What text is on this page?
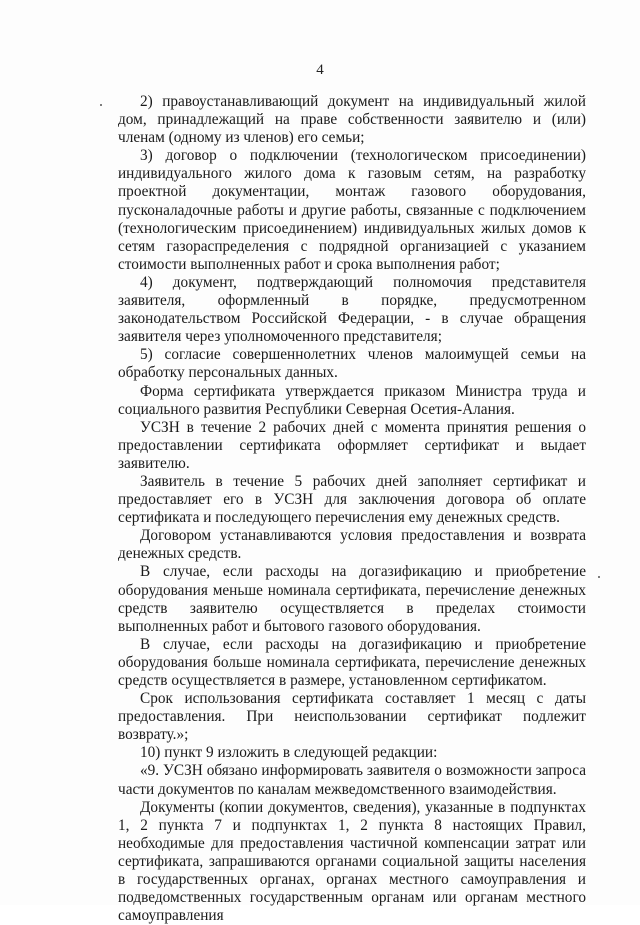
4

2) правоустанавливающий документ на индивидуальный жилой дом, принадлежащий на праве собственности заявителю и (или) членам (одному из членов) его семьи;

3) договор о подключении (технологическом присоединении) индивидуального жилого дома к газовым сетям, на разработку проектной документации, монтаж газового оборудования, пусконаладочные работы и другие работы, связанные с подключением (технологическим присоединением) индивидуальных жилых домов к сетям газораспределения с подрядной организацией с указанием стоимости выполненных работ и срока выполнения работ;

4) документ, подтверждающий полномочия представителя заявителя, оформленный в порядке, предусмотренном законодательством Российской Федерации, - в случае обращения заявителя через уполномоченного представителя;

5) согласие совершеннолетних членов малоимущей семьи на обработку персональных данных.

Форма сертификата утверждается приказом Министра труда и социального развития Республики Северная Осетия-Алания.

УСЗН в течение 2 рабочих дней с момента принятия решения о предоставлении сертификата оформляет сертификат и выдает заявителю.

Заявитель в течение 5 рабочих дней заполняет сертификат и предоставляет его в УСЗН для заключения договора об оплате сертификата и последующего перечисления ему денежных средств.

Договором устанавливаются условия предоставления и возврата денежных средств.

В случае, если расходы на догазификацию и приобретение оборудования меньше номинала сертификата, перечисление денежных средств заявителю осуществляется в пределах стоимости выполненных работ и бытового газового оборудования.

В случае, если расходы на догазификацию и приобретение оборудования больше номинала сертификата, перечисление денежных средств осуществляется в размере, установленном сертификатом.

Срок использования сертификата составляет 1 месяц с даты предоставления. При неиспользовании сертификат подлежит возврату.»;

10) пункт 9 изложить в следующей редакции:

«9. УСЗН обязано информировать заявителя о возможности запроса части документов по каналам межведомственного взаимодействия.

Документы (копии документов, сведения), указанные в подпунктах 1, 2 пункта 7 и подпунктах 1, 2 пункта 8 настоящих Правил, необходимые для предоставления частичной компенсации затрат или сертификата, запрашиваются органами социальной защиты населения в государственных органах, органах местного самоуправления и подведомственных государственным органам или органам местного самоуправления
